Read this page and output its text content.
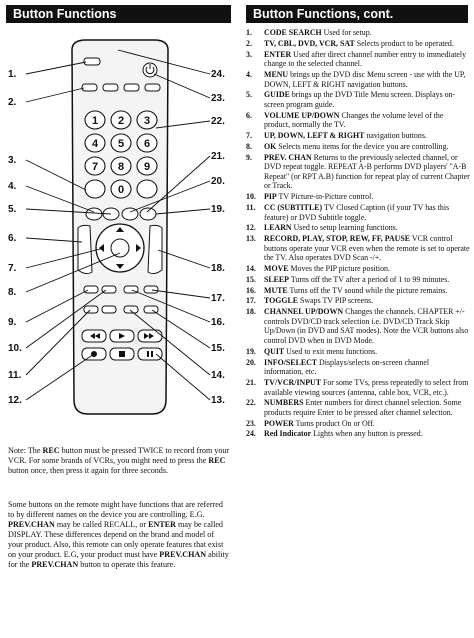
Button Functions	Button Functions, cont.
1 2 3
4 5 6
7 8 9
0
1.
2.
3.
4.
5.
6.
7.
8.
9.
10.
11.
12.
24.
23.
22.
21.
20.
19.
18.
17.
16.
15.
14.
13.

Note: The REC button must be pressed TWICE to record from your VCR. For some brands of VCRs, you might need to press the REC button once, then press it again for three seconds.

Some buttons on the remote might have functions that are referred to by different names on the device you are controlling. E.G. PREV.CHAN may be called RECALL, or ENTER may be called DISPLAY. These differences depend on the brand and model of your product. Also, this remote can only operate features that exist on your product. E.G, your product must have PREV.CHAN ability for the PREV.CHAN button to operate this feature.

1. CODE SEARCH Used for setup.
2. TV, CBL, DVD, VCR, SAT Selects product to be operated.
3. ENTER Used after direct channel number entry to immediately change to the selected channel.
4. MENU brings up the DVD disc Menu screen - use with the UP, DOWN, LEFT & RIGHT navigation buttons.
5. GUIDE brings up the DVD Title Menu screen. Displays on-screen program guide.
6. VOLUME UP/DOWN Changes the volume level of the product, normally the TV.
7. UP, DOWN, LEFT & RIGHT navigation buttons.
8. OK Selects menu items for the device you are controlling.
9. PREV. CHAN Returns to the previously selected channel, or DVD repeat toggle. REPEAT A-B performs DVD players' "A-B Repeat" (or RPT A.B) function for repeat play of current Chapter or Track.
10. PIP TV Picture-in-Picture control.
11. CC (SUBTITLE) TV Closed Caption (if your TV has this feature) or DVD Subtitle toggle.
12. LEARN Used to setup learning functions.
13. RECORD, PLAY, STOP, REW, FF, PAUSE VCR control buttons operate your VCR even when the remote is set to operate the TV. Also operates DVD Scan -/+.
14. MOVE Moves the PIP picture position.
15. SLEEP Turns off the TV after a period of 1 to 99 minutes.
16. MUTE Turns off the TV sound while the picture remains.
17. TOGGLE Swaps TV PIP screens.
18. CHANNEL UP/DOWN Changes the channels. CHAPTER +/- controls DVD/CD track selection i.e. DVD/CD Track Skip Up/Down (in DVD and SAT modes). Note the VCR buttons also control DVD when in DVD Mode.
19. QUIT Used to exit menu functions.
20. INFO/SELECT Displays/selects on-screen channel information, etc.
21. TV/VCR/INPUT For some TVs, press repeatedly to select from available viewing sources (antenna, cable box, VCR, etc.).
22. NUMBERS Enter numbers for direct channel selection. Some products require Enter to be pressed after channel selection.
23. POWER Turns product On or Off.
24. Red Indicator Lights when any button is pressed.
